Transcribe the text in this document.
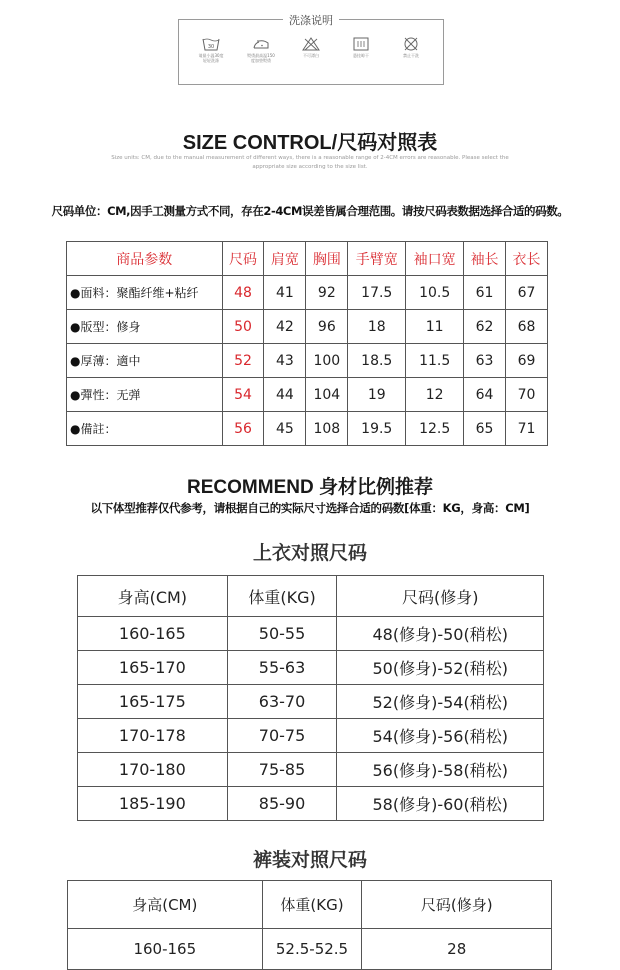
洗涤说明
30
请最小温30度
轻轻洗涤
熨烫最高温150
度加垫熨烫
不可漂白	悬挂晾干	禁止干洗
SIZE CONTROL/尺码对照表
Size units: CM, due to the manual measurement of different ways, there is a reasonable range of 2-4CM errors are reasonable. Please select the appropriate size according to the size list.
尺码单位：CM,因手工测量方式不同，存在2-4CM误差皆属合理范围。请按尺码表数据选择合适的码数。
商品参数	尺码	肩宽	胸围	手臂宽	袖口宽	袖长	衣长
●面料：聚酯纤维+粘纤	48	41	92	17.5	10.5	61	67
●版型：修身	50	42	96	18	11	62	68
●厚薄：適中	52	43	100	18.5	11.5	63	69
●彈性：无弹	54	44	104	19	12	64	70
●備註：	56	45	108	19.5	12.5	65	71
RECOMMEND 身材比例推荐
以下体型推荐仅代参考，请根据自己的实际尺寸选择合适的码数[体重：KG，身高：CM]
上衣对照尺码
身高(CM)	体重(KG)	尺码(修身)
160-165	50-55	48(修身)-50(稍松)
165-170	55-63	50(修身)-52(稍松)
165-175	63-70	52(修身)-54(稍松)
170-178	70-75	54(修身)-56(稍松)
170-180	75-85	56(修身)-58(稍松)
185-190	85-90	58(修身)-60(稍松)
裤装对照尺码
身高(CM)	体重(KG)	尺码(修身)
160-165	52.5-52.5	28
